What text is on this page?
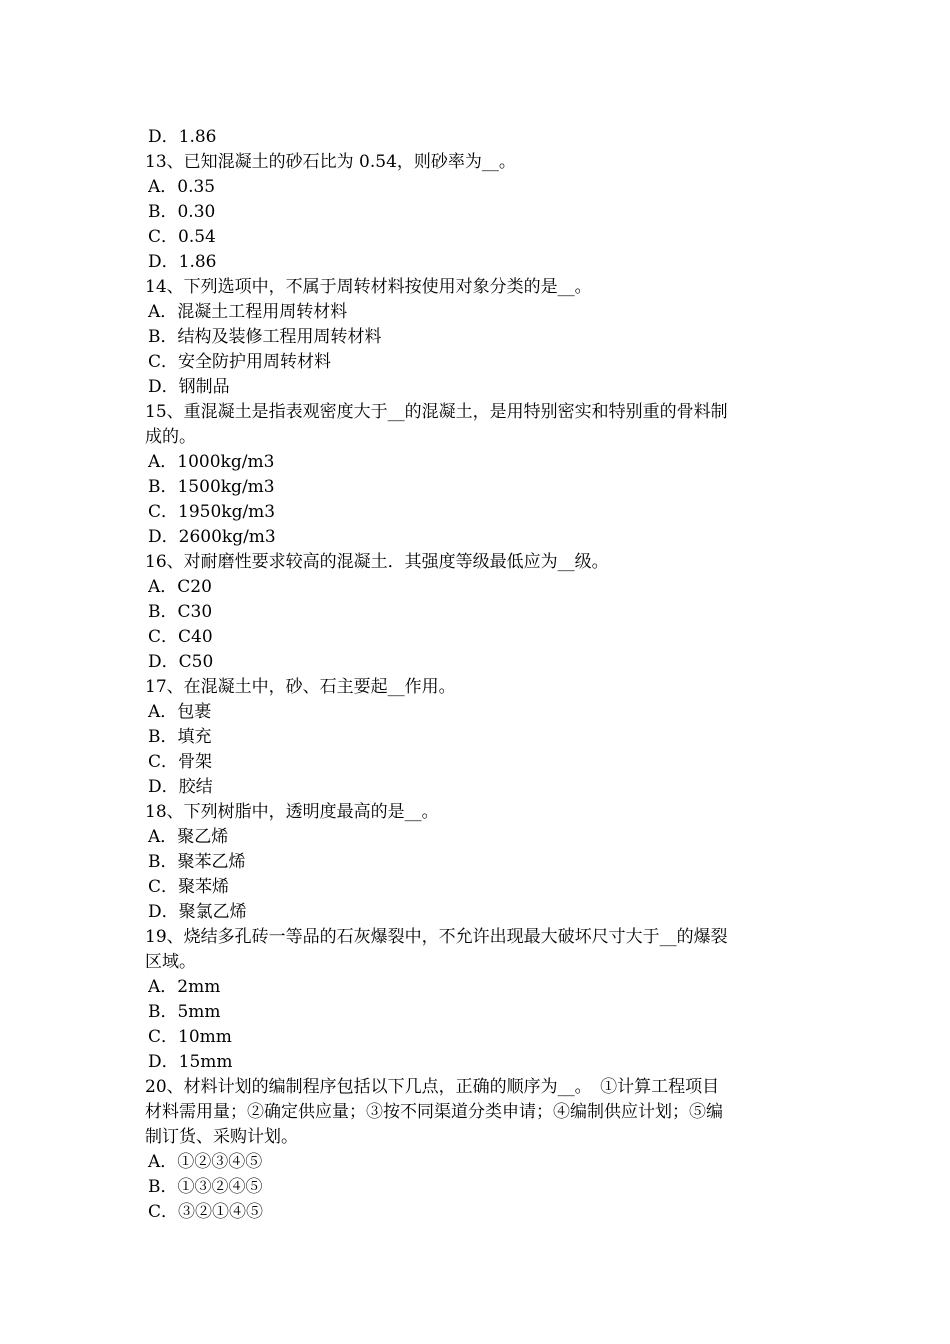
D．1.86
13、已知混凝土的砂石比为 0.54，则砂率为__。
A．0.35
B．0.30
C．0.54
D．1.86
14、下列选项中，不属于周转材料按使用对象分类的是__。
A．混凝土工程用周转材料
B．结构及装修工程用周转材料
C．安全防护用周转材料
D．钢制品
15、重混凝土是指表观密度大于__的混凝土，是用特别密实和特别重的骨料制
成的。
A．1000kg/m3
B．1500kg/m3
C．1950kg/m3
D．2600kg/m3
16、对耐磨性要求较高的混凝土．其强度等级最低应为__级。
A．C20
B．C30
C．C40
D．C50
17、在混凝土中，砂、石主要起__作用。
A．包裹
B．填充
C．骨架
D．胶结
18、下列树脂中，透明度最高的是__。
A．聚乙烯
B．聚苯乙烯
C．聚苯烯
D．聚氯乙烯
19、烧结多孔砖一等品的石灰爆裂中，不允许出现最大破坏尺寸大于__的爆裂
区域。
A．2mm
B．5mm
C．10mm
D．15mm
20、材料计划的编制程序包括以下几点，正确的顺序为__。　①计算工程项目
材料需用量；②确定供应量；③按不同渠道分类申请；④编制供应计划；⑤编
制订货、采购计划。
A．①②③④⑤
B．①③②④⑤
C．③②①④⑤
